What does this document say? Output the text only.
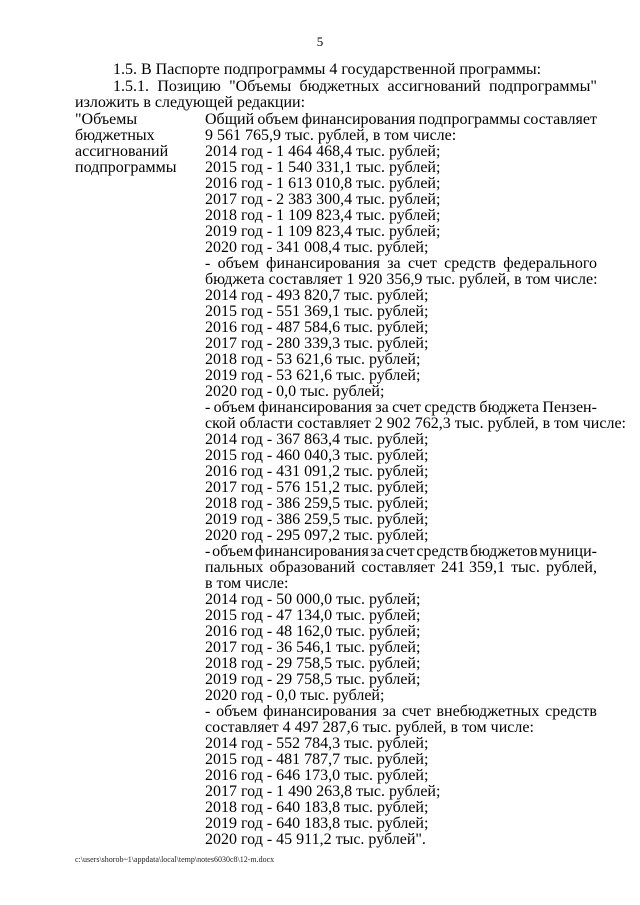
5
1.5. В Паспорте подпрограммы 4 государственной программы:
1.5.1. Позицию "Объемы бюджетных ассигнований подпрограммы"
изложить в следующей редакции:
"Объемы
бюджетных
ассигнований
подпрограммы
Общий объем финансирования подпрограммы составляет
9 561 765,9 тыс. рублей, в том числе:
2014 год - 1 464 468,4 тыс. рублей;
2015 год - 1 540 331,1 тыс. рублей;
2016 год - 1 613 010,8 тыс. рублей;
2017 год - 2 383 300,4 тыс. рублей;
2018 год - 1 109 823,4 тыс. рублей;
2019 год - 1 109 823,4 тыс. рублей;
2020 год - 341 008,4 тыс. рублей;
- объем финансирования за счет средств федерального
бюджета составляет 1 920 356,9 тыс. рублей, в том числе:
2014 год - 493 820,7 тыс. рублей;
2015 год - 551 369,1 тыс. рублей;
2016 год - 487 584,6 тыс. рублей;
2017 год - 280 339,3 тыс. рублей;
2018 год - 53 621,6 тыс. рублей;
2019 год - 53 621,6 тыс. рублей;
2020 год - 0,0 тыс. рублей;
- объем финансирования за счет средств бюджета Пензен-
ской области составляет 2 902 762,3 тыс. рублей, в том числе:
2014 год - 367 863,4 тыс. рублей;
2015 год - 460 040,3 тыс. рублей;
2016 год - 431 091,2 тыс. рублей;
2017 год - 576 151,2 тыс. рублей;
2018 год - 386 259,5 тыс. рублей;
2019 год - 386 259,5 тыс. рублей;
2020 год - 295 097,2 тыс. рублей;
- объем финансирования за счет средств бюджетов муници-
пальных образований составляет 241 359,1 тыс. рублей,
в том числе:
2014 год - 50 000,0 тыс. рублей;
2015 год - 47 134,0 тыс. рублей;
2016 год - 48 162,0 тыс. рублей;
2017 год - 36 546,1 тыс. рублей;
2018 год - 29 758,5 тыс. рублей;
2019 год - 29 758,5 тыс. рублей;
2020 год - 0,0 тыс. рублей;
- объем финансирования за счет внебюджетных средств
составляет 4 497 287,6 тыс. рублей, в том числе:
2014 год - 552 784,3 тыс. рублей;
2015 год - 481 787,7 тыс. рублей;
2016 год - 646 173,0 тыс. рублей;
2017 год - 1 490 263,8 тыс. рублей;
2018 год - 640 183,8 тыс. рублей;
2019 год - 640 183,8 тыс. рублей;
2020 год - 45 911,2 тыс. рублей".
c:\users\shorob~1\appdata\local\temp\notes6030c8\12-m.docx
